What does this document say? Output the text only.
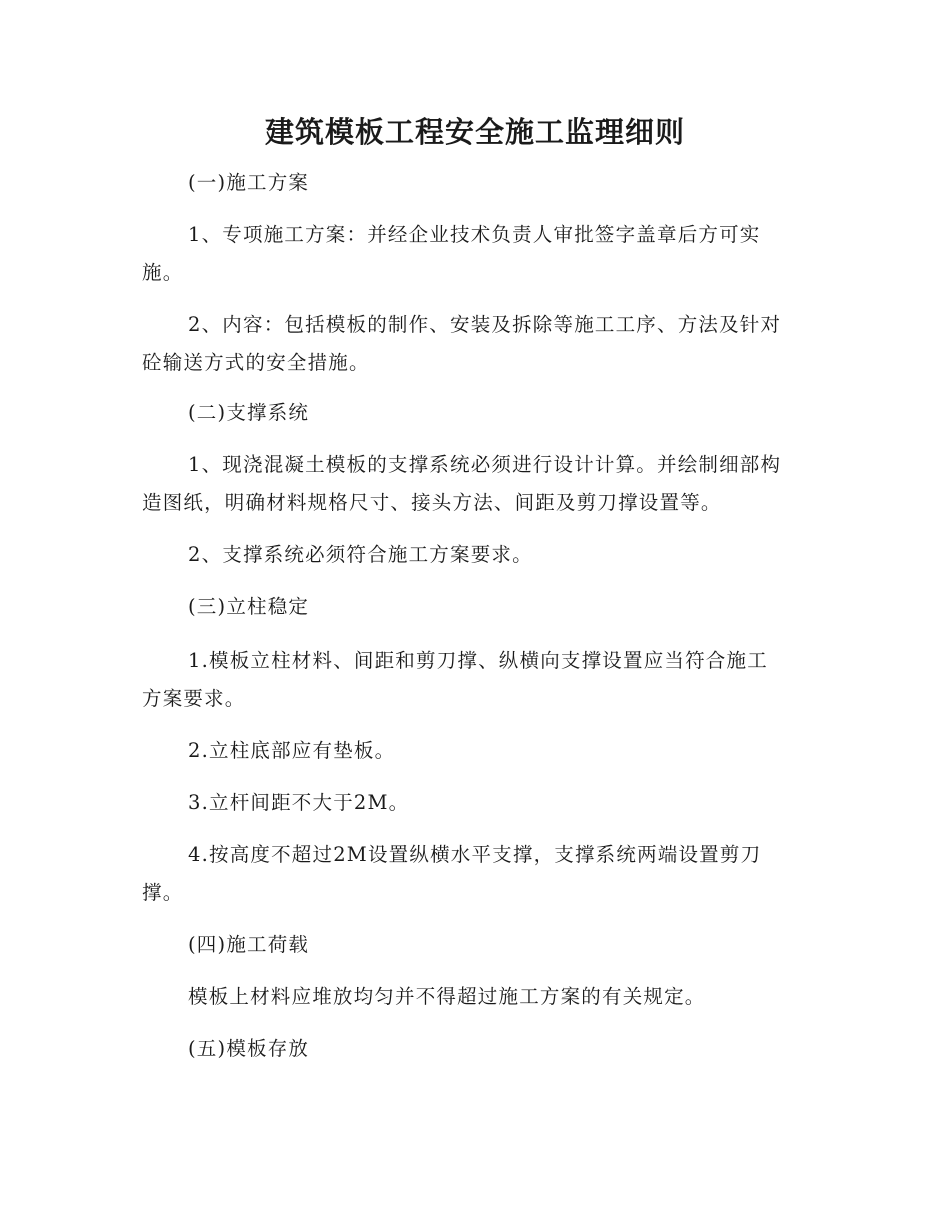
建筑模板工程安全施工监理细则

(一)施工方案

1、专项施工方案：并经企业技术负责人审批签字盖章后方可实

施。

2、内容：包括模板的制作、安装及拆除等施工工序、方法及针对

砼输送方式的安全措施。

(二)支撑系统

1、现浇混凝土模板的支撑系统必须进行设计计算。并绘制细部构

造图纸，明确材料规格尺寸、接头方法、间距及剪刀撑设置等。

2、支撑系统必须符合施工方案要求。

(三)立柱稳定

1.模板立柱材料、间距和剪刀撑、纵横向支撑设置应当符合施工

方案要求。

2.立柱底部应有垫板。

3.立杆间距不大于2M。

4.按高度不超过2M设置纵横水平支撑，支撑系统两端设置剪刀

撑。

(四)施工荷载

模板上材料应堆放均匀并不得超过施工方案的有关规定。

(五)模板存放
